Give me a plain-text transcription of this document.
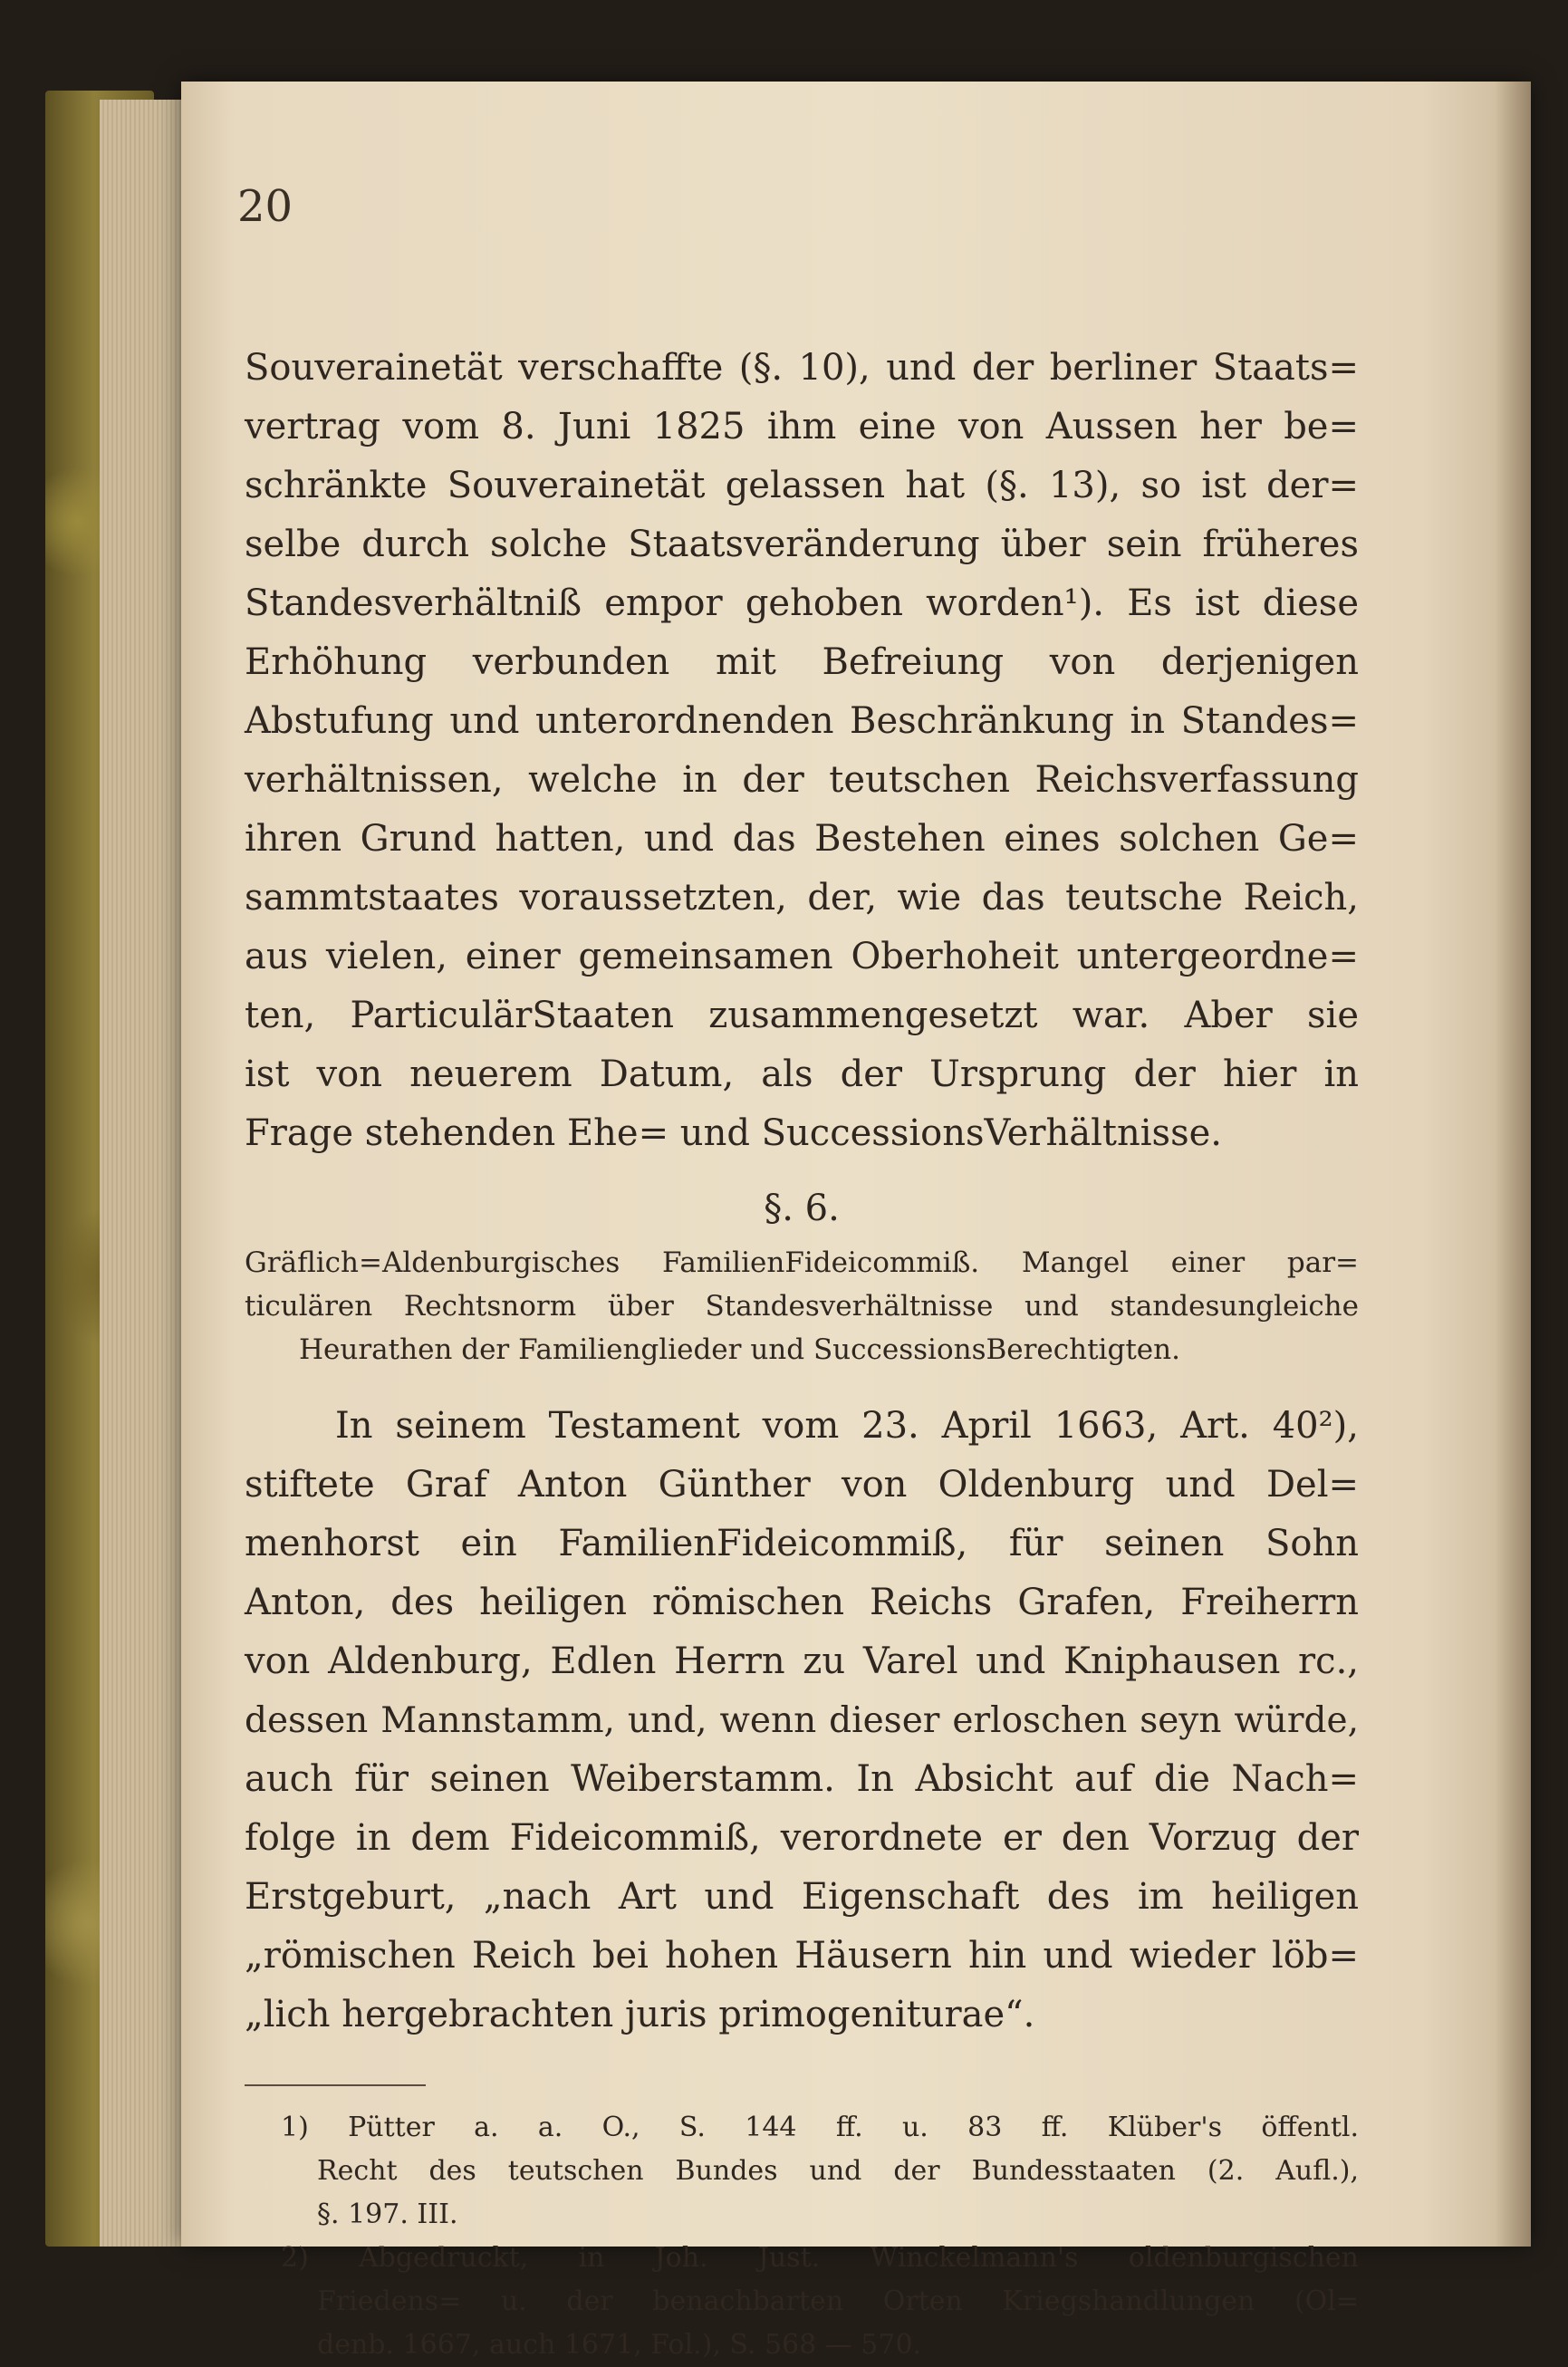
20
Souverainetät verschaffte (§. 10), und der berliner Staats=
vertrag vom 8. Juni 1825 ihm eine von Aussen her be=
schränkte Souverainetät gelassen hat (§. 13), so ist der=
selbe durch solche Staatsveränderung über sein früheres
Standesverhältniß empor gehoben worden¹). Es ist diese
Erhöhung verbunden mit Befreiung von derjenigen
Abstufung und unterordnenden Beschränkung in Standes=
verhältnissen, welche in der teutschen Reichsverfassung
ihren Grund hatten, und das Bestehen eines solchen Ge=
sammtstaates voraussetzten, der, wie das teutsche Reich,
aus vielen, einer gemeinsamen Oberhoheit untergeordne=
ten, ParticulärStaaten zusammengesetzt war. Aber sie
ist von neuerem Datum, als der Ursprung der hier in
Frage stehenden Ehe= und SuccessionsVerhältnisse.
§. 6.
Gräflich=Aldenburgisches FamilienFideicommiß. Mangel einer par=
ticulären Rechtsnorm über Standesverhältnisse und standesungleiche
Heurathen der Familienglieder und SuccessionsBerechtigten.
In seinem Testament vom 23. April 1663, Art. 40²),
stiftete Graf Anton Günther von Oldenburg und Del=
menhorst ein FamilienFideicommiß, für seinen Sohn
Anton, des heiligen römischen Reichs Grafen, Freiherrn
von Aldenburg, Edlen Herrn zu Varel und Kniphausen rc.,
dessen Mannstamm, und, wenn dieser erloschen seyn würde,
auch für seinen Weiberstamm. In Absicht auf die Nach=
folge in dem Fideicommiß, verordnete er den Vorzug der
Erstgeburt, „nach Art und Eigenschaft des im heiligen
„römischen Reich bei hohen Häusern hin und wieder löb=
„lich hergebrachten juris primogeniturae“.
1) Pütter a. a. O., S. 144 ff. u. 83 ff. Klüber's öffentl.
Recht des teutschen Bundes und der Bundesstaaten (2. Aufl.),
§. 197. III.
2) Abgedruckt, in Joh. Just. Winckelmann's oldenburgischen
Friedens= u. der benachbarten Orten Kriegshandlungen (Ol=
denb. 1667, auch 1671, Fol.), S. 568 — 570.
